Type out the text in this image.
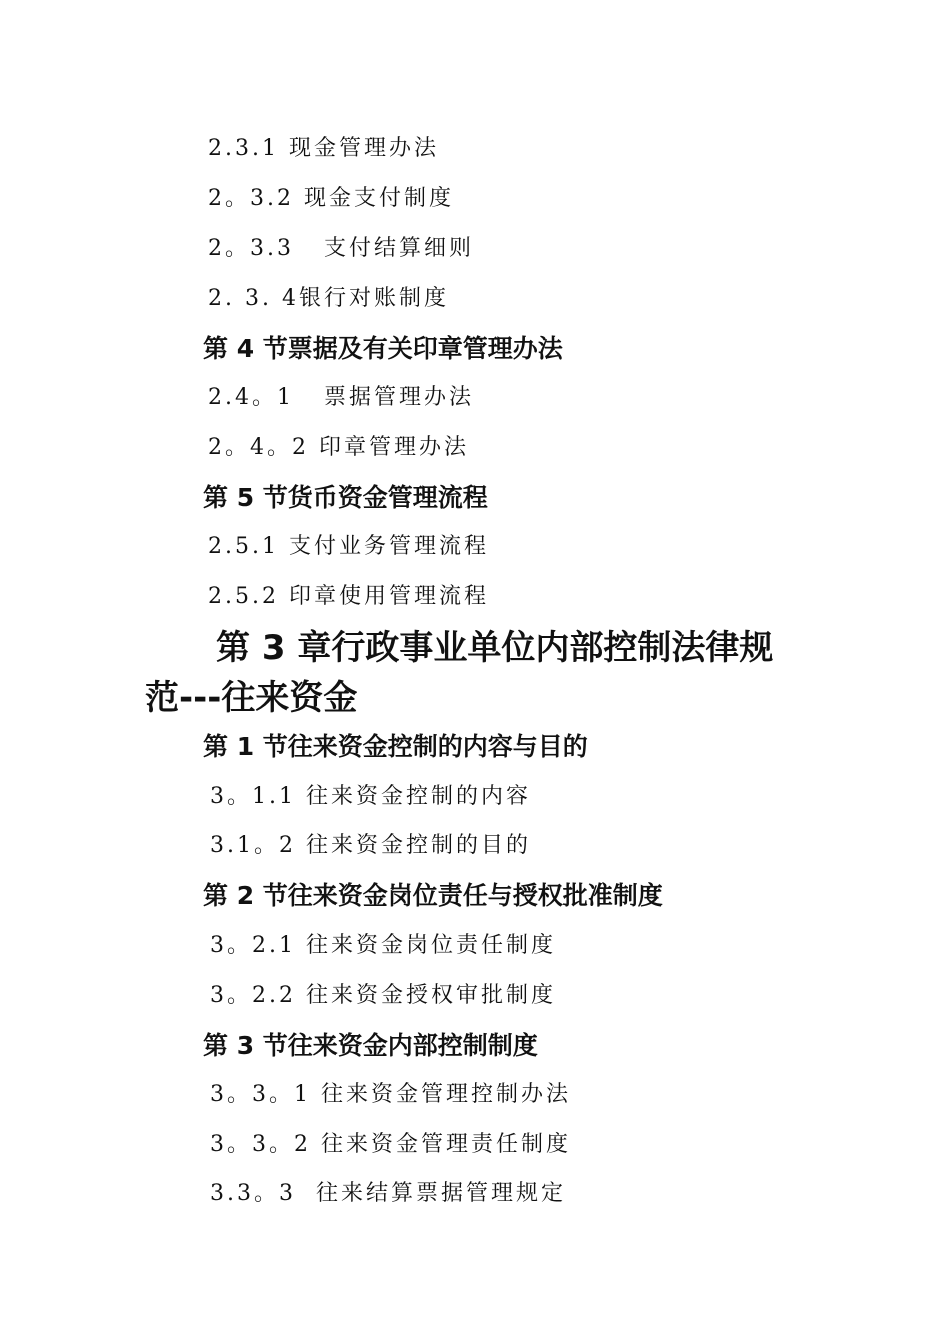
2.3.1 现金管理办法
2。3.2 现金支付制度
2。3.3   支付结算细则
2. 3. 4银行对账制度
第 4 节票据及有关印章管理办法
2.4。1   票据管理办法
2。4。2 印章管理办法
第 5 节货币资金管理流程
2.5.1 支付业务管理流程
2.5.2 印章使用管理流程
第 3 章行政事业单位内部控制法律规
范---往来资金
第 1 节往来资金控制的内容与目的
3。1.1 往来资金控制的内容
3.1。2 往来资金控制的目的
第 2 节往来资金岗位责任与授权批准制度
3。2.1 往来资金岗位责任制度
3。2.2 往来资金授权审批制度
第 3 节往来资金内部控制制度
3。3。1 往来资金管理控制办法
3。3。2 往来资金管理责任制度
3.3。3  往来结算票据管理规定
